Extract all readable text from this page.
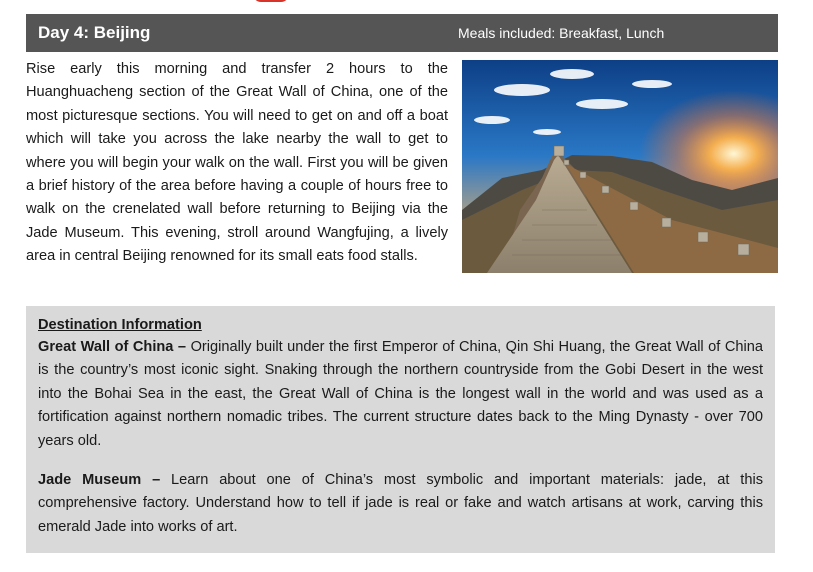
Day 4: Beijing	Meals included: Breakfast, Lunch

Rise early this morning and transfer 2 hours to the Huanghuacheng section of the Great Wall of China, one of the most picturesque sections. You will need to get on and off a boat which will take you across the lake nearby the wall to get to where you will begin your walk on the wall. First you will be given a brief history of the area before having a couple of hours free to walk on the crenelated wall before returning to Beijing via the Jade Museum. This evening, stroll around Wangfujing, a lively area in central Beijing renowned for its small eats food stalls.

Destination Information

Great Wall of China – Originally built under the first Emperor of China, Qin Shi Huang, the Great Wall of China is the country’s most iconic sight. Snaking through the northern countryside from the Gobi Desert in the west into the Bohai Sea in the east, the Great Wall of China is the longest wall in the world and was used as a fortification against northern nomadic tribes. The current structure dates back to the Ming Dynasty - over 700 years old.

Jade Museum – Learn about one of China’s most symbolic and important materials: jade, at this comprehensive factory. Understand how to tell if jade is real or fake and watch artisans at work, carving this emerald Jade into works of art.
